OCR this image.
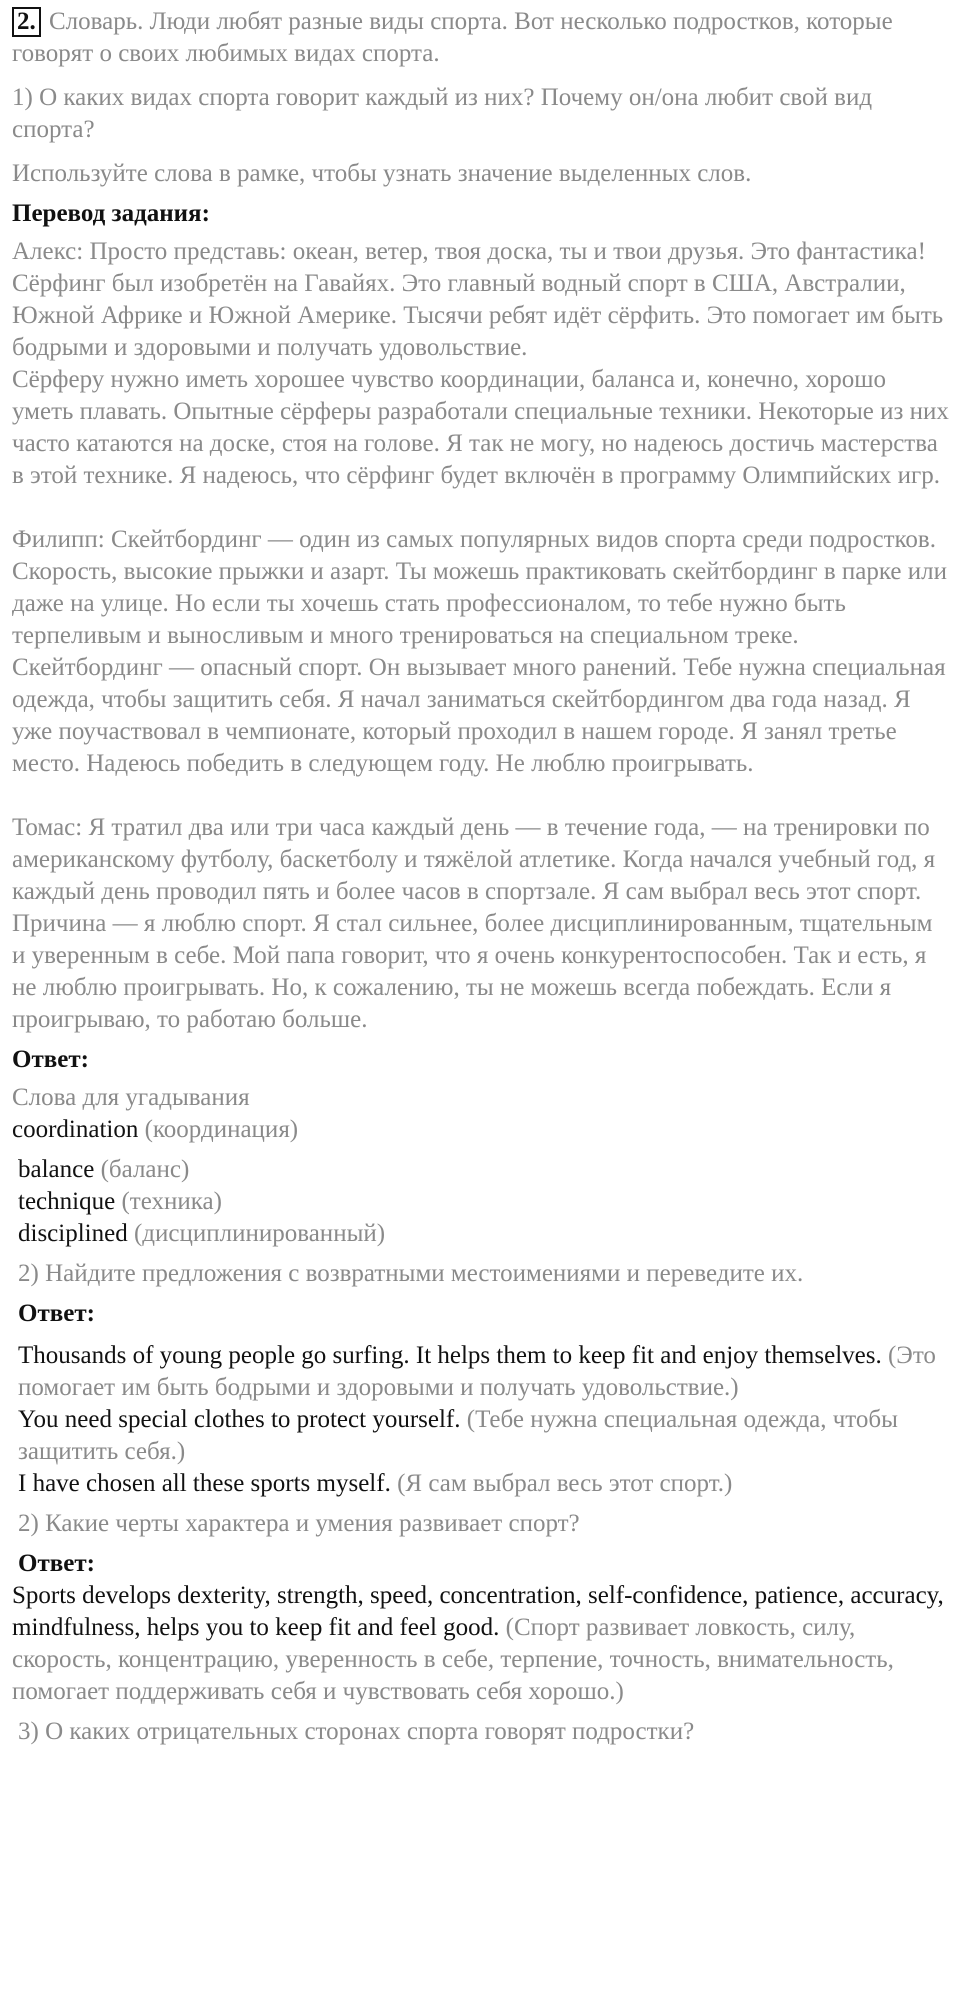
2. Словарь. Люди любят разные виды спорта. Вот несколько подростков, которые говорят о своих любимых видах спорта.

1) О каких видах спорта говорит каждый из них? Почему он/она любит свой вид спорта?

Используйте слова в рамке, чтобы узнать значение выделенных слов.

Перевод задания:

Алекс: Просто представь: океан, ветер, твоя доска, ты и твои друзья. Это фантастика! Сёрфинг был изобретён на Гавайях. Это главный водный спорт в США, Австралии, Южной Африке и Южной Америке. Тысячи ребят идёт сёрфить. Это помогает им быть бодрыми и здоровыми и получать удовольствие.

Сёрферу нужно иметь хорошее чувство координации, баланса и, конечно, хорошо уметь плавать. Опытные сёрферы разработали специальные техники. Некоторые из них часто катаются на доске, стоя на голове. Я так не могу, но надеюсь достичь мастерства в этой технике. Я надеюсь, что сёрфинг будет включён в программу Олимпийских игр.

Филипп: Скейтбординг — один из самых популярных видов спорта среди подростков. Скорость, высокие прыжки и азарт. Ты можешь практиковать скейтбординг в парке или даже на улице. Но если ты хочешь стать профессионалом, то тебе нужно быть терпеливым и выносливым и много тренироваться на специальном треке. Скейтбординг — опасный спорт. Он вызывает много ранений. Тебе нужна специальная одежда, чтобы защитить себя. Я начал заниматься скейтбордингом два года назад. Я уже поучаствовал в чемпионате, который проходил в нашем городе. Я занял третье место. Надеюсь победить в следующем году. Не люблю проигрывать.

Томас: Я тратил два или три часа каждый день — в течение года, — на тренировки по американскому футболу, баскетболу и тяжёлой атлетике. Когда начался учебный год, я каждый день проводил пять и более часов в спортзале. Я сам выбрал весь этот спорт. Причина — я люблю спорт. Я стал сильнее, более дисциплинированным, тщательным и уверенным в себе. Мой папа говорит, что я очень конкурентоспособен. Так и есть, я не люблю проигрывать. Но, к сожалению, ты не можешь всегда побеждать. Если я проигрываю, то работаю больше.

Ответ:

Слова для угадывания

coordination (координация)

balance (баланс)

technique (техника)

disciplined (дисциплинированный)

2) Найдите предложения с возвратными местоимениями и переведите их.

Ответ:

Thousands of young people go surfing. It helps them to keep fit and enjoy themselves. (Это помогает им быть бодрыми и здоровыми и получать удовольствие.)

You need special clothes to protect yourself. (Тебе нужна специальная одежда, чтобы защитить себя.)

I have chosen all these sports myself. (Я сам выбрал весь этот спорт.)

2) Какие черты характера и умения развивает спорт?

Ответ:

Sports develops dexterity, strength, speed, concentration, self-confidence, patience, accuracy, mindfulness, helps you to keep fit and feel good. (Спорт развивает ловкость, силу, скорость, концентрацию, уверенность в себе, терпение, точность, внимательность, помогает поддерживать себя и чувствовать себя хорошо.)

3) О каких отрицательных сторонах спорта говорят подростки?
